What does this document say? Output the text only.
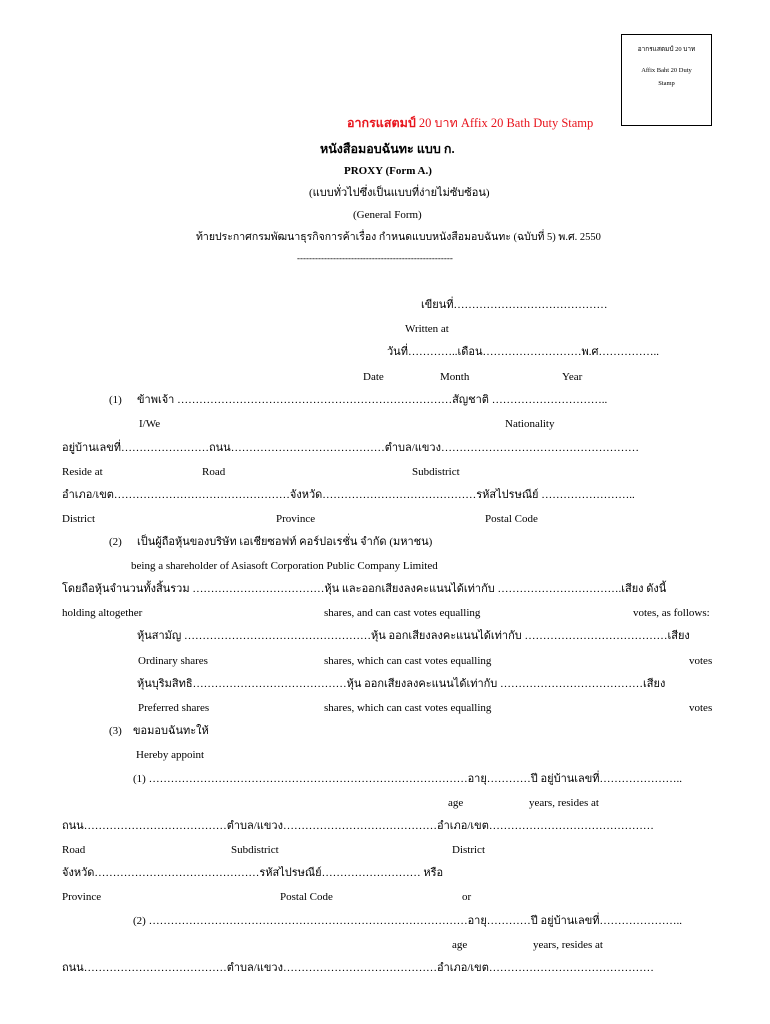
อากรแสตมป์ 20 บาท
Affix Baht 20 Duty
Stamp
อากรแสตมป์ 20 บาท Affix 20 Bath Duty Stamp
หนังสือมอบฉันทะ แบบ ก.
PROXY (Form A.)
(แบบทั่วไปซึ่งเป็นแบบที่ง่ายไม่ซับซ้อน)
(General Form)
ท้ายประกาศกรมพัฒนาธุรกิจการค้าเรื่อง กำหนดแบบหนังสือมอบฉันทะ (ฉบับที่ 5) พ.ศ. 2550
----------------------------------------------------
เขียนที่……………………………………
Written at
วันที่…………..เดือน………………………พ.ศ……………..
Date	Month	Year
(1) ข้าพเจ้า …………………………………………………………………สัญชาติ …………………………..
I/We	Nationality
อยู่บ้านเลขที่……………………ถนน……………………………………ตำบล/แขวง………………………………………………
Reside at	Road	Subdistrict
อำเภอ/เขต…………………………………………จังหวัด……………………………………รหัสไปรษณีย์ ……………………..
District	Province	Postal Code
(2) เป็นผู้ถือหุ้นของบริษัท เอเชียซอฟท์ คอร์ปอเรชั่น จำกัด (มหาชน)
being a shareholder of Asiasoft Corporation Public Company Limited
โดยถือหุ้นจำนวนทั้งสิ้นรวม ………………………………หุ้น และออกเสียงลงคะแนนได้เท่ากับ …………………………….เสียง ดังนี้
holding altogether	shares, and can cast votes equalling	votes, as follows:
หุ้นสามัญ ……………………………………………หุ้น ออกเสียงลงคะแนนได้เท่ากับ …………………………………เสียง
Ordinary shares	shares, which can cast votes equalling	votes
หุ้นบุริมสิทธิ……………………………………หุ้น ออกเสียงลงคะแนนได้เท่ากับ …………………………………เสียง
Preferred shares	shares, which can cast votes equalling	votes
(3) ขอมอบฉันทะให้
Hereby appoint
(1) ……………………………………………………………………………อายุ…………ปี อยู่บ้านเลขที่…………………..
age	years, resides at
ถนน…………………………………ตำบล/แขวง……………………………………อำเภอ/เขต………………………………………
Road	Subdistrict	District
จังหวัด………………………………………รหัสไปรษณีย์……………………… หรือ
Province	Postal Code	or
(2) ……………………………………………………………………………อายุ…………ปี อยู่บ้านเลขที่…………………..
age	years, resides at
ถนน…………………………………ตำบล/แขวง……………………………………อำเภอ/เขต………………………………………
